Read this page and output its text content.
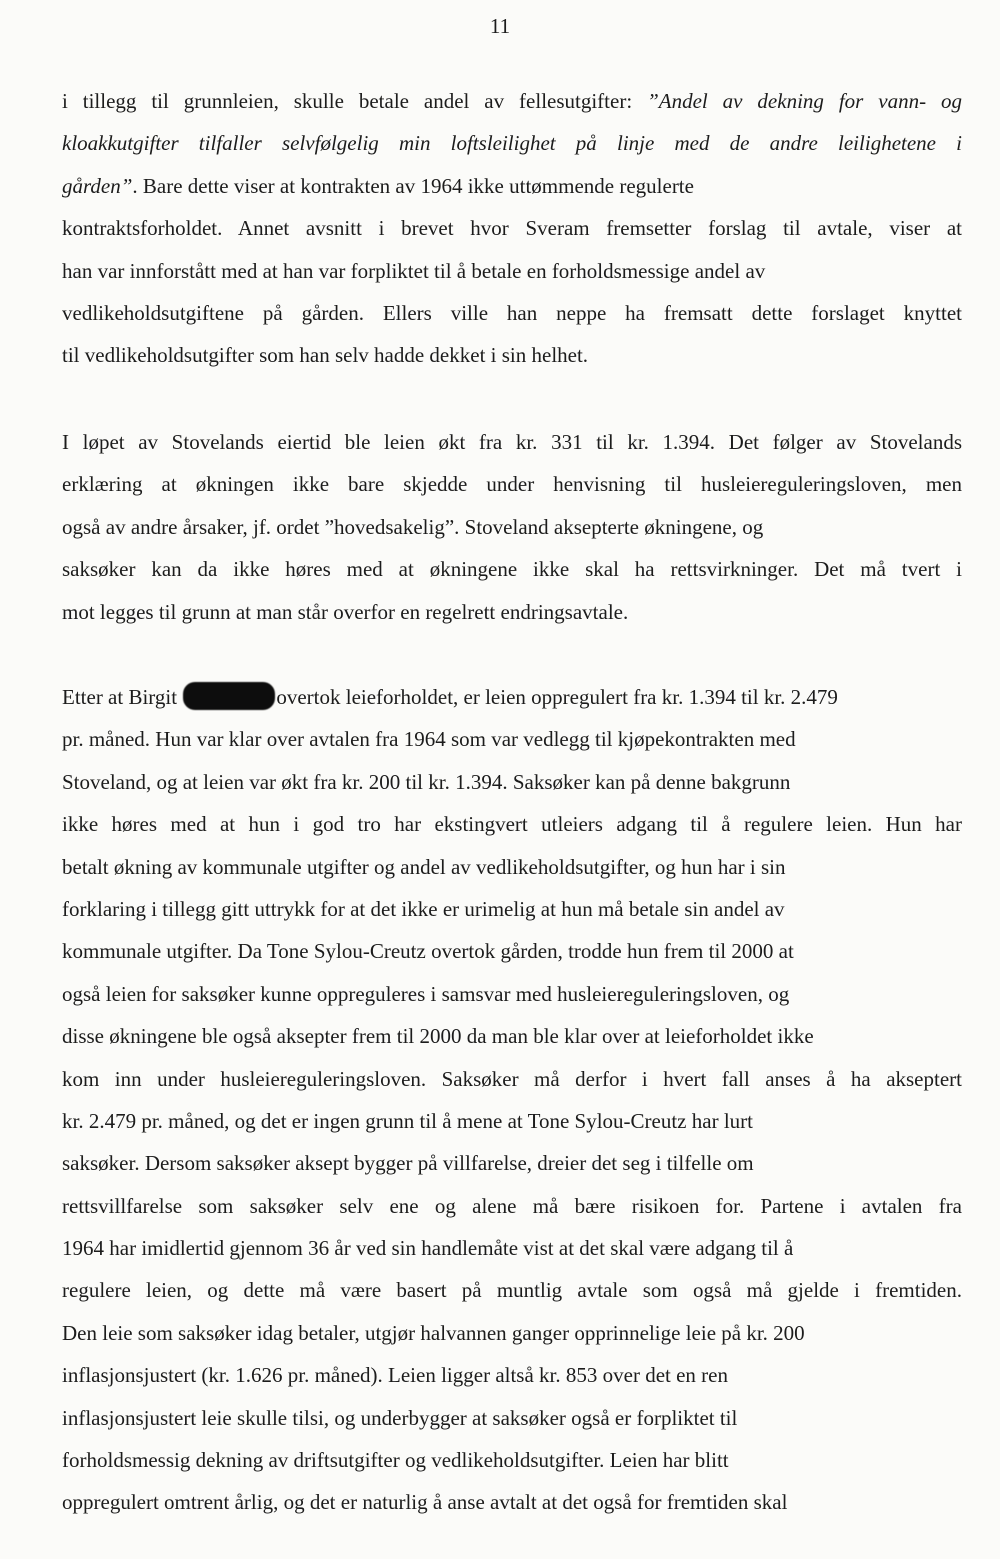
11
i tillegg til grunnleien, skulle betale andel av fellesutgifter: ”Andel av dekning for vann- og
kloakkutgifter tilfaller selvfølgelig min loftsleilighet på linje med de andre leilighetene i
gården”. Bare dette viser at kontrakten av 1964 ikke uttømmende regulerte
kontraktsforholdet. Annet avsnitt i brevet hvor Sveram fremsetter forslag til avtale, viser at
han var innforstått med at han var forpliktet til å betale en forholdsmessige andel av
vedlikeholdsutgiftene på gården. Ellers ville han neppe ha fremsatt dette forslaget knyttet
til vedlikeholdsutgifter som han selv hadde dekket i sin helhet.
I løpet av Stovelands eiertid ble leien økt fra kr. 331 til kr. 1.394. Det følger av Stovelands
erklæring at økningen ikke bare skjedde under henvisning til husleiereguleringsloven, men
også av andre årsaker, jf. ordet ”hovedsakelig”. Stoveland aksepterte økningene, og
saksøker kan da ikke høres med at økningene ikke skal ha rettsvirkninger. Det må tvert i
mot legges til grunn at man står overfor en regelrett endringsavtale.
Etter at Birgit	overtok leieforholdet, er leien oppregulert fra kr. 1.394 til kr. 2.479
pr. måned. Hun var klar over avtalen fra 1964 som var vedlegg til kjøpekontrakten med
Stoveland, og at leien var økt fra kr. 200 til kr. 1.394. Saksøker kan på denne bakgrunn
ikke høres med at hun i god tro har ekstingvert utleiers adgang til å regulere leien. Hun har
betalt økning av kommunale utgifter og andel av vedlikeholdsutgifter, og hun har i sin
forklaring i tillegg gitt uttrykk for at det ikke er urimelig at hun må betale sin andel av
kommunale utgifter. Da Tone Sylou-Creutz overtok gården, trodde hun frem til 2000 at
også leien for saksøker kunne oppreguleres i samsvar med husleiereguleringsloven, og
disse økningene ble også aksepter frem til 2000 da man ble klar over at leieforholdet ikke
kom inn under husleiereguleringsloven. Saksøker må derfor i hvert fall anses å ha akseptert
kr. 2.479 pr. måned, og det er ingen grunn til å mene at Tone Sylou-Creutz har lurt
saksøker. Dersom saksøker aksept bygger på villfarelse, dreier det seg i tilfelle om
rettsvillfarelse som saksøker selv ene og alene må bære risikoen for. Partene i avtalen fra
1964 har imidlertid gjennom 36 år ved sin handlemåte vist at det skal være adgang til å
regulere leien, og dette må være basert på muntlig avtale som også må gjelde i fremtiden.
Den leie som saksøker idag betaler, utgjør halvannen ganger opprinnelige leie på kr. 200
inflasjonsjustert (kr. 1.626 pr. måned). Leien ligger altså kr. 853 over det en ren
inflasjonsjustert leie skulle tilsi, og underbygger at saksøker også er forpliktet til
forholdsmessig dekning av driftsutgifter og vedlikeholdsutgifter. Leien har blitt
oppregulert omtrent årlig, og det er naturlig å anse avtalt at det også for fremtiden skal
